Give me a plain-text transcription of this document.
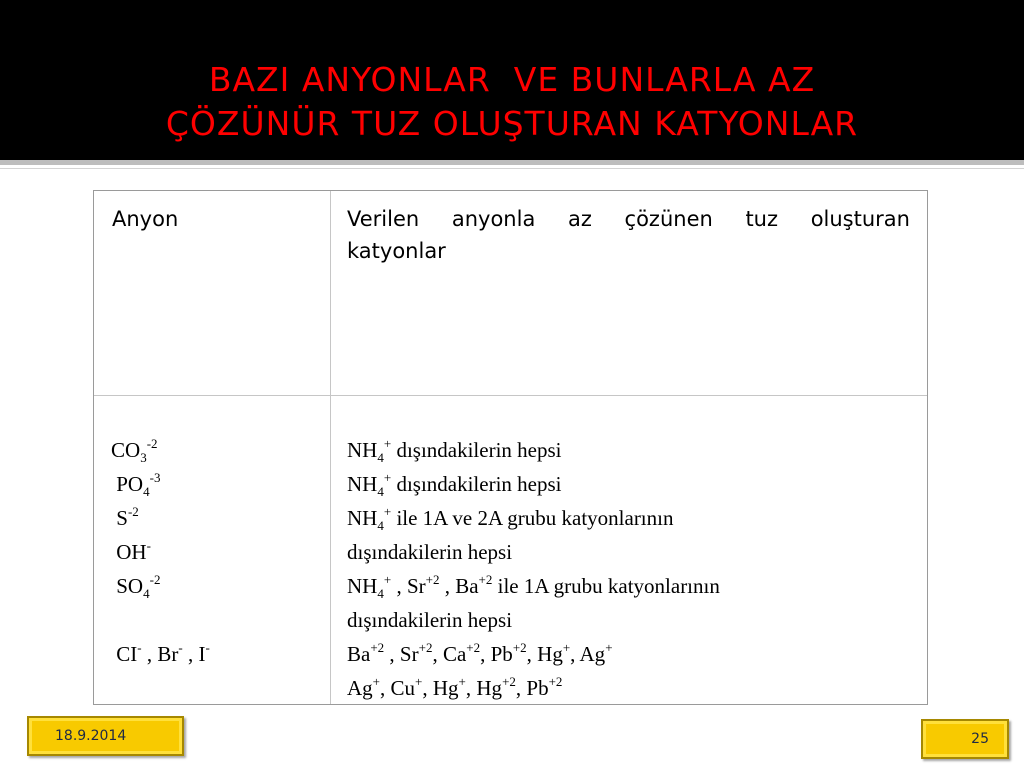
BAZI ANYONLAR  VE BUNLARLA AZ
ÇÖZÜNÜR TUZ OLUŞTURAN KATYONLAR
Anyon	Verilen anyonla az çözünen tuz oluşturan
katyonlar
$CO_3^{-2}$
$PO_4^{-3}$
$S^{-2}$
OH-
$SO_4^{-2}$
CI- , Br- , I-
$NH_4^+$ dışındakilerin hepsi
$NH_4^+$ dışındakilerin hepsi
$NH_4^+$ ile 1A ve 2A grubu katyonlarının
dışındakilerin hepsi
$NH_4^+$ , $Sr^{+2}$ , $Ba^{+2}$ ile 1A grubu katyonlarının
dışındakilerin hepsi
$Ba^{+2}$ , $Sr^{+2}$, $Ca^{+2}$, $Pb^{+2}$, Hg+, Ag+
Ag+, Cu+, Hg+, $Hg^{+2}$, $Pb^{+2}$
18.9.2014	25
